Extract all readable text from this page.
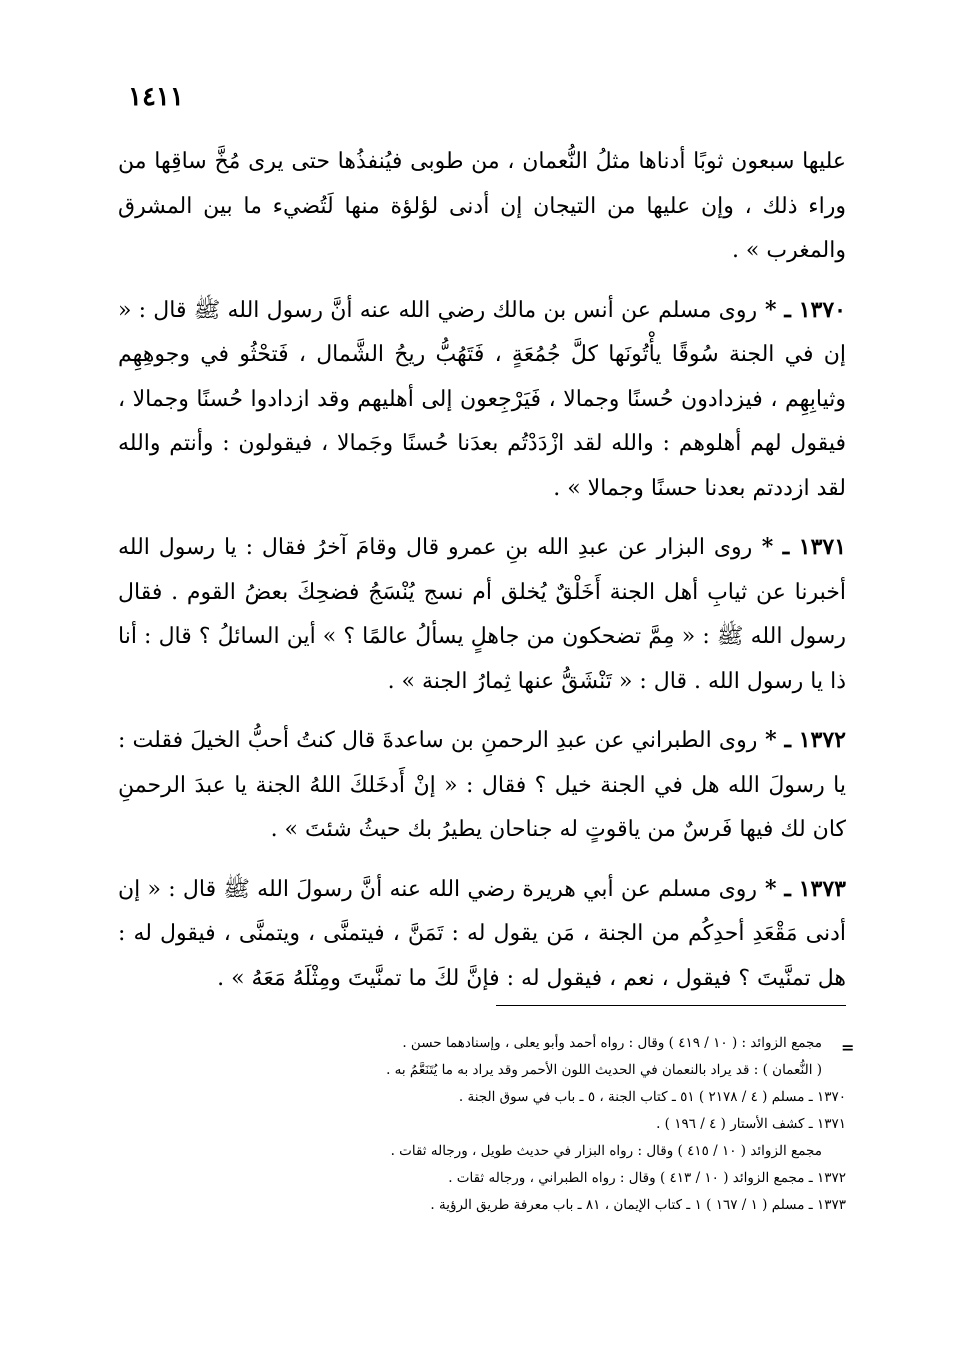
١٤١١

عليها سبعون ثوبًا أدناها مثلُ النُّعمان ، من طوبى فيُنفذُها حتى يرى مُخَّ ساقِها من وراء ذلك ، وإن عليها من التيجان إن أدنى لؤلؤة منها لَتُضيء ما بين المشرق والمغرب » .

١٣٧٠ ـ * روى مسلم عن أنس بن مالك رضي الله عنه أنَّ رسول الله ﷺ قال : « إن في الجنة سُوقًا يأْتُونَها كلَّ جُمُعَةٍ ، فَتَهُبُّ ريحُ الشَّمال ، فَتحْثُو في وجوهِهِم وثيابِهِم ، فيزدادون حُسنًا وجمالا ، فَيَرْجِعون إلى أهليهم وقد ازدادوا حُسنًا وجمالا ، فيقول لهم أهلوهم : والله لقد ازْدَدْتُم بعدَنا حُسنًا وجَمالا ، فيقولون : وأنتم والله لقد ازددتم بعدنا حسنًا وجمالا » .

١٣٧١ ـ * روى البزار عن عبدِ الله بنِ عمرو قال وقامَ آخرُ فقال : يا رسول الله أخبرنا عن ثيابِ أهل الجنة أَخَلْقٌ يُخلق أم نسج يُنْسَجُ فضحِكَ بعضُ القوم . فقال رسول الله ﷺ : « مِمَّ تضحكون من جاهلٍ يسألُ عالمًا ؟ » أين السائلُ ؟ قال : أنا ذا يا رسول الله . قال : « تَنْشَقُّ عنها ثِمارُ الجنة » .

١٣٧٢ ـ * روى الطبراني عن عبدِ الرحمنِ بن ساعدةَ قال كنتُ أحبُّ الخيلَ فقلت : يا رسولَ الله هل في الجنة خيل ؟ فقال : « إنْ أَدخَلكَ اللهُ الجنة يا عبدَ الرحمنِ كان لك فيها فَرسٌ من ياقوتٍ له جناحان يطيرُ بك حيثُ شئتَ » .

١٣٧٣ ـ * روى مسلم عن أبي هريرة رضي الله عنه أنَّ رسولَ الله ﷺ قال : « إن أدنى مَقْعَدِ أحدِكُم من الجنة ، مَن يقول له : تَمَنَّ ، فيتمنَّى ، ويتمنَّى ، فيقول له : هل تمنَّيتَ ؟ فيقول ، نعم ، فيقول له : فإنَّ لكَ ما تمنَّيتَ ومِثْلَهُ مَعَهُ » .

=

مجمع الزوائد : ( ١٠ / ٤١٩ ) وقال : رواه أحمد وأبو يعلى ، وإسنادهما حسن .

( النُّعمان ) : قد يراد بالنعمان في الحديث اللون الأحمر وقد يراد به ما يُتَنَعَّمُ به .

١٣٧٠ ـ مسلم ( ٤ / ٢١٧٨ ) ٥١ ـ كتاب الجنة ، ٥ ـ باب في سوق الجنة .

١٣٧١ ـ كشف الأستار ( ٤ / ١٩٦ ) .

مجمع الزوائد ( ١٠ / ٤١٥ ) وقال : رواه البزار في حديث طويل ، ورجاله ثقات .

١٣٧٢ ـ مجمع الزوائد ( ١٠ / ٤١٣ ) وقال : رواه الطبراني ، ورجاله ثقات .

١٣٧٣ ـ مسلم ( ١ / ١٦٧ ) ١ ـ كتاب الإيمان ، ٨١ ـ باب معرفة طريق الرؤية .
